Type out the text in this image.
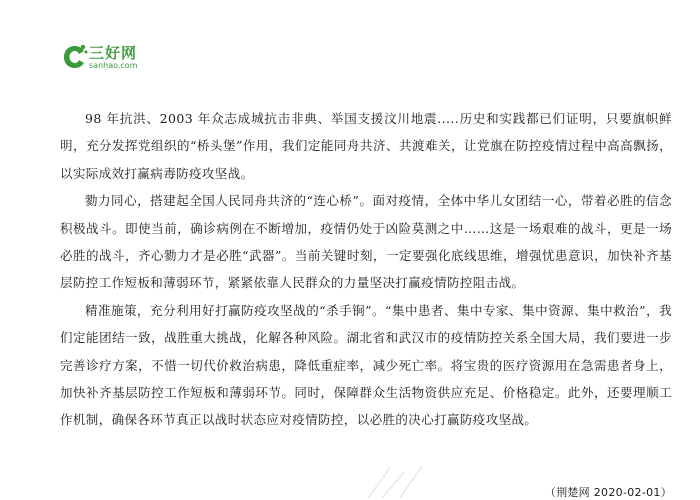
三好网
sanhao.com

98 年抗洪、2003 年众志成城抗击非典、举国支援汶川地震.....历史和实践都已们证明，只要旗帜鲜明，充分发挥党组织的“桥头堡”作用，我们定能同舟共济、共渡难关，让党旗在防控疫情过程中高高飘扬，以实际成效打赢病毒防疫攻坚战。

勠力同心，搭建起全国人民同舟共济的“连心桥”。面对疫情，全体中华儿女团结一心，带着必胜的信念积极战斗。即使当前，确诊病例在不断增加，疫情仍处于凶险莫测之中……这是一场艰难的战斗，更是一场必胜的战斗，齐心勠力才是必胜“武器”。当前关键时刻，一定要强化底线思维，增强忧患意识，加快补齐基层防控工作短板和薄弱环节，紧紧依靠人民群众的力量坚决打赢疫情防控阻击战。

精准施策，充分利用好打赢防疫攻坚战的“杀手锏”。“集中患者、集中专家、集中资源、集中救治”，我们定能团结一致，战胜重大挑战，化解各种风险。湖北省和武汉市的疫情防控关系全国大局，我们要进一步完善诊疗方案，不惜一切代价救治病患，降低重症率，减少死亡率。将宝贵的医疗资源用在急需患者身上，加快补齐基层防控工作短板和薄弱环节。同时，保障群众生活物资供应充足、价格稳定。此外，还要理顺工作机制，确保各环节真正以战时状态应对疫情防控，以必胜的决心打赢防疫攻坚战。

（荆楚网 2020-02-01）
